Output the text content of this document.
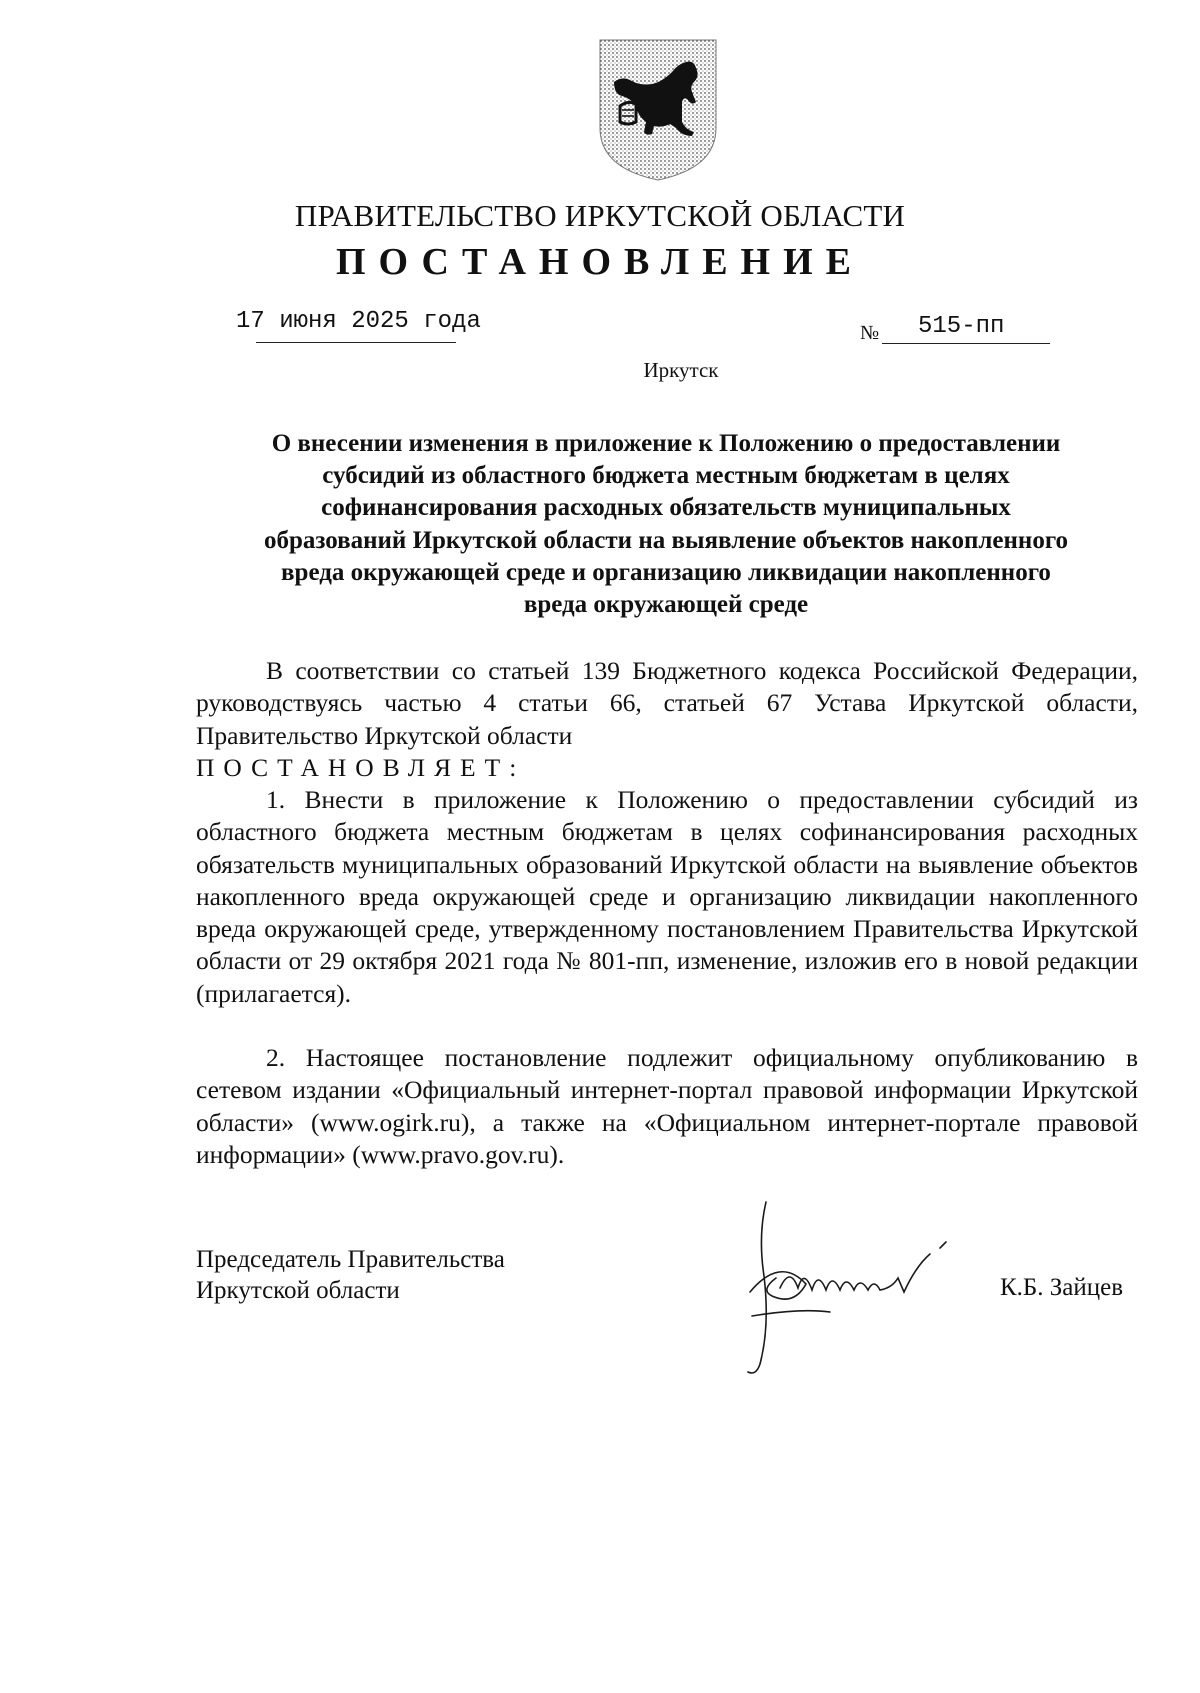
ПРАВИТЕЛЬСТВО ИРКУТСКОЙ ОБЛАСТИ
ПОСТАНОВЛЕНИЕ
17 июня 2025 года	№ 515-пп
Иркутск
О внесении изменения в приложение к Положению о предоставлении
субсидий из областного бюджета местным бюджетам в целях
софинансирования расходных обязательств муниципальных
образований Иркутской области на выявление объектов накопленного
вреда окружающей среде и организацию ликвидации накопленного
вреда окружающей среде
В соответствии со статьей 139 Бюджетного кодекса Российской Федерации, руководствуясь частью 4 статьи 66, статьей 67 Устава Иркутской области, Правительство Иркутской области
ПОСТАНОВЛЯЕТ:
1. Внести в приложение к Положению о предоставлении субсидий из областного бюджета местным бюджетам в целях софинансирования расходных обязательств муниципальных образований Иркутской области на выявление объектов накопленного вреда окружающей среде и организацию ликвидации накопленного вреда окружающей среде, утвержденному постановлением Правительства Иркутской области от 29 октября 2021 года № 801-пп, изменение, изложив его в новой редакции (прилагается).
2. Настоящее постановление подлежит официальному опубликованию в сетевом издании «Официальный интернет-портал правовой информации Иркутской области» (www.ogirk.ru), а также на «Официальном интернет-портале правовой информации» (www.pravo.gov.ru).
Председатель Правительства
Иркутской области	К.Б. Зайцев
